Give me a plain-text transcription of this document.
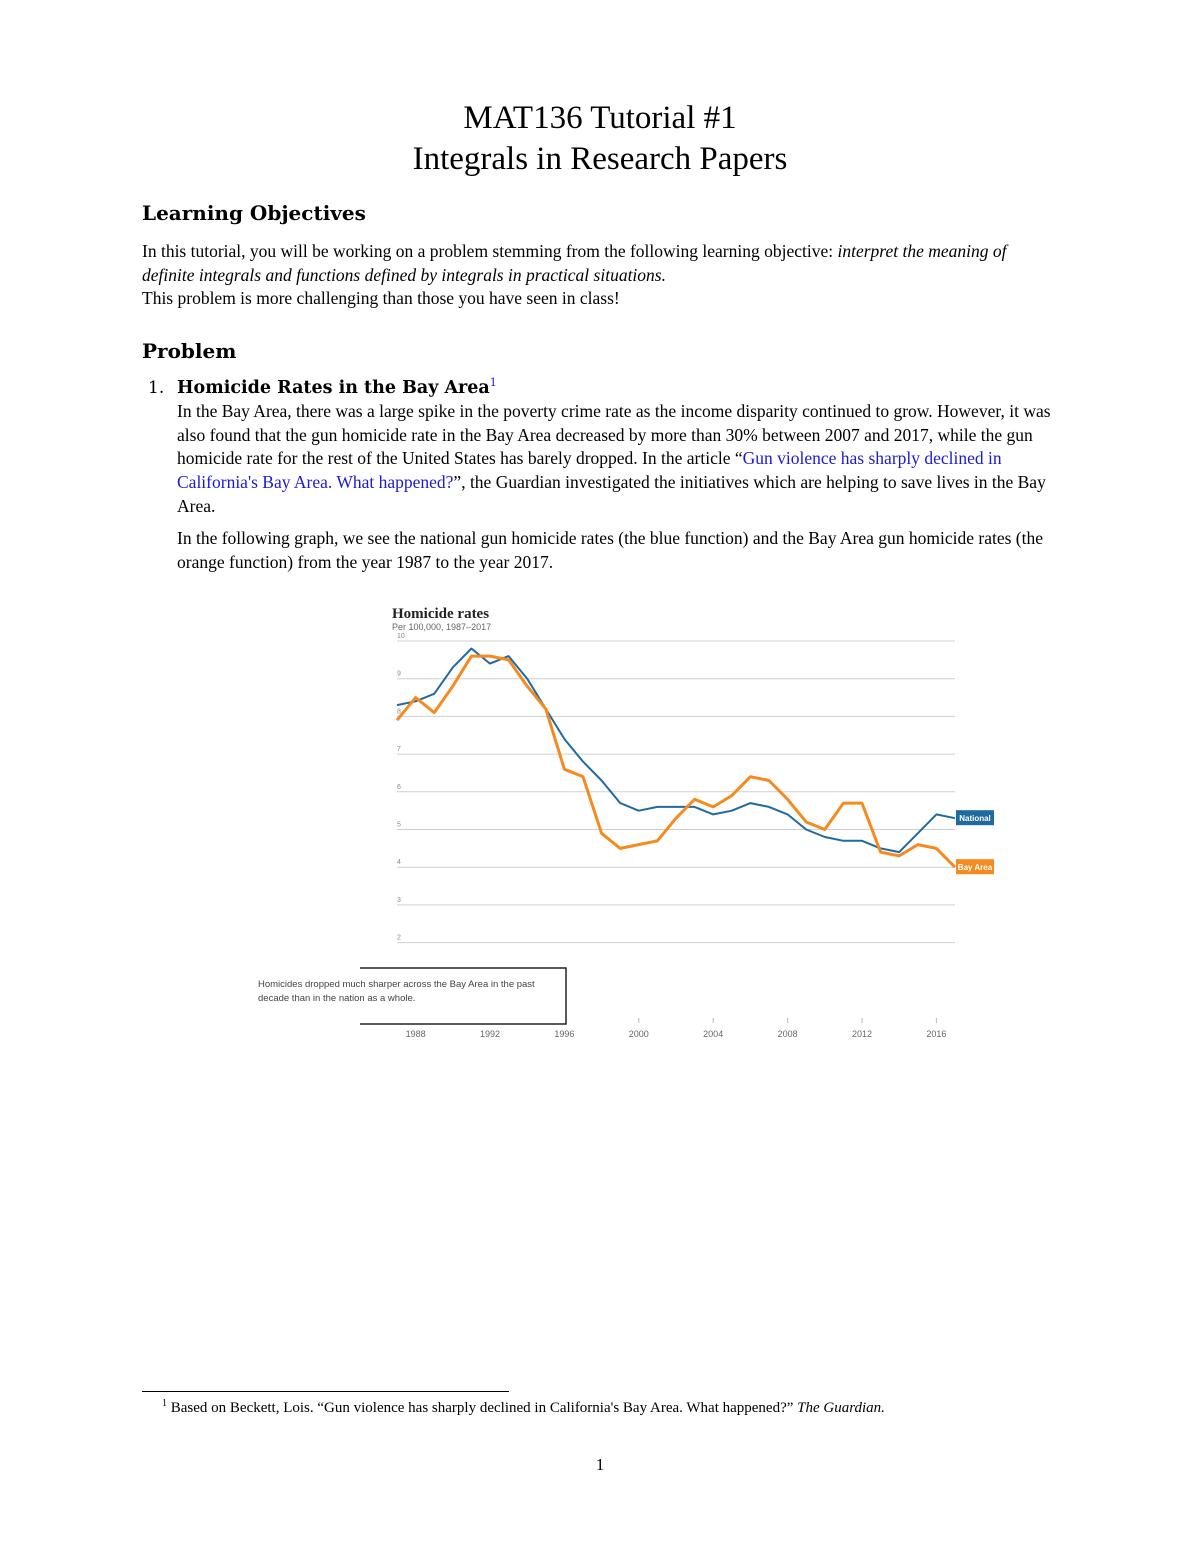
MAT136 Tutorial #1
Integrals in Research Papers
Learning Objectives
In this tutorial, you will be working on a problem stemming from the following learning objective: interpret the meaning of definite integrals and functions defined by integrals in practical situations.
This problem is more challenging than those you have seen in class!
Problem
1. Homicide Rates in the Bay Area$^1$
In the Bay Area, there was a large spike in the poverty crime rate as the income disparity continued to grow. However, it was also found that the gun homicide rate in the Bay Area decreased by more than 30% between 2007 and 2017, while the gun homicide rate for the rest of the United States has barely dropped. In the article “Gun violence has sharply declined in California's Bay Area. What happened?”, the Guardian investigated the initiatives which are helping to save lives in the Bay Area.
In the following graph, we see the national gun homicide rates (the blue function) and the Bay Area gun homicide rates (the orange function) from the year 1987 to the year 2017.
Homicide rates
Per 100,000, 1987–2017
10
9
8
7
6
5
4
3
2
1988	1992	1996	2000	2004	2008	2012	2016
National
Bay Area
Homicides dropped much sharper across the Bay Area in the past decade than in the nation as a whole.
$^1$ Based on Beckett, Lois. “Gun violence has sharply declined in California's Bay Area. What happened?” The Guardian.
1
